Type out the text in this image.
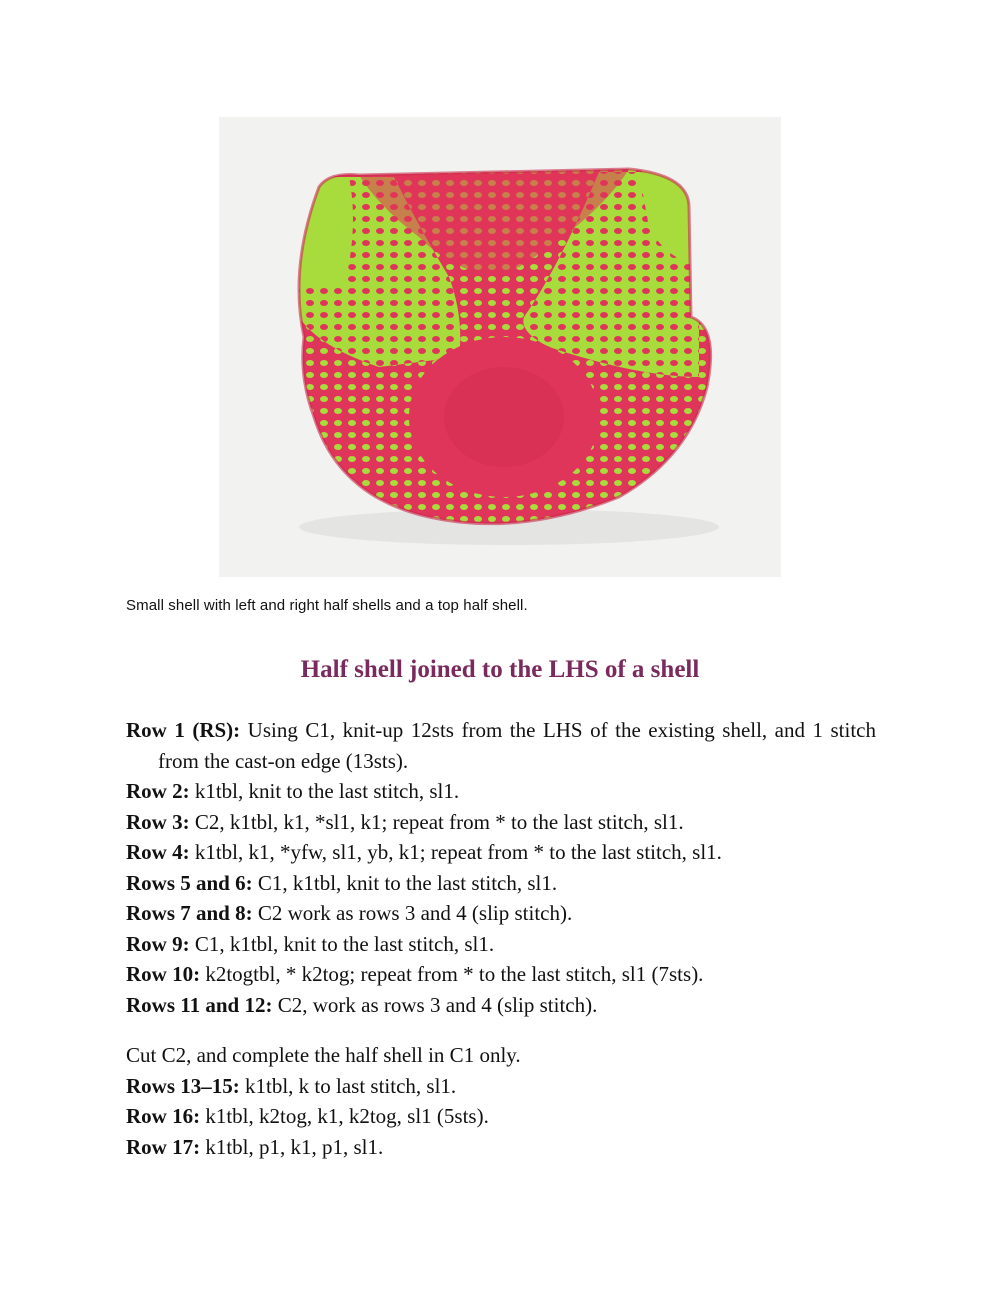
Small shell with left and right half shells and a top half shell.
Half shell joined to the LHS of a shell

Row 1 (RS): Using C1, knit-up 12sts from the LHS of the existing shell, and 1 stitch from the cast-on edge (13sts).

Row 2: k1tbl, knit to the last stitch, sl1.

Row 3: C2, k1tbl, k1, *sl1, k1; repeat from * to the last stitch, sl1.

Row 4: k1tbl, k1, *yfw, sl1, yb, k1; repeat from * to the last stitch, sl1.

Rows 5 and 6: C1, k1tbl, knit to the last stitch, sl1.

Rows 7 and 8: C2 work as rows 3 and 4 (slip stitch).

Row 9: C1, k1tbl, knit to the last stitch, sl1.

Row 10: k2togtbl, * k2tog; repeat from * to the last stitch, sl1 (7sts).

Rows 11 and 12: C2, work as rows 3 and 4 (slip stitch).

Cut C2, and complete the half shell in C1 only.

Rows 13–15: k1tbl, k to last stitch, sl1.

Row 16: k1tbl, k2tog, k1, k2tog, sl1 (5sts).

Row 17: k1tbl, p1, k1, p1, sl1.
